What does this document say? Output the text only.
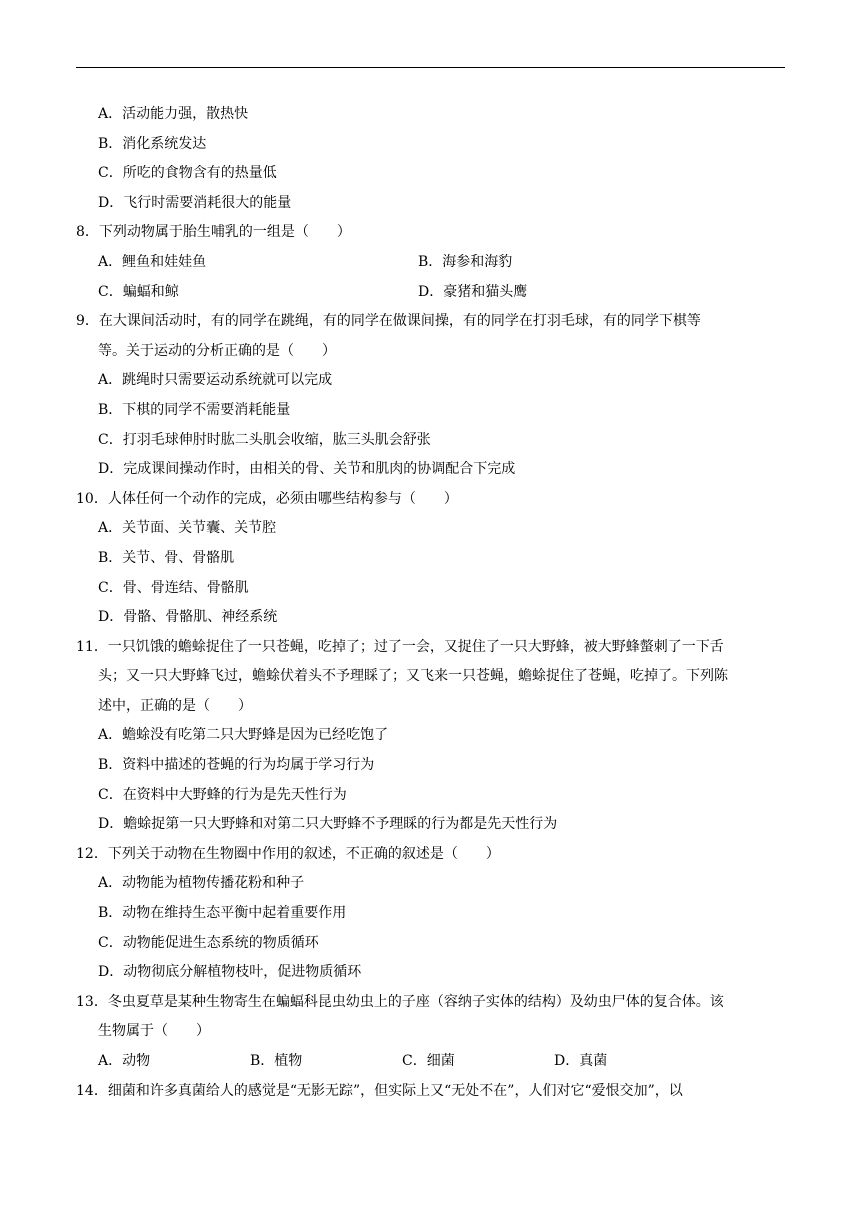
A．活动能力强，散热快
B．消化系统发达
C．所吃的食物含有的热量低
D．飞行时需要消耗很大的能量
8．下列动物属于胎生哺乳的一组是（　　）
A．鲤鱼和娃娃鱼	B．海参和海豹
C．蝙蝠和鲸	D．豪猪和猫头鹰
9．在大课间活动时，有的同学在跳绳，有的同学在做课间操，有的同学在打羽毛球，有的同学下棋等
等。关于运动的分析正确的是（　　）
A．跳绳时只需要运动系统就可以完成
B．下棋的同学不需要消耗能量
C．打羽毛球伸肘时肱二头肌会收缩，肱三头肌会舒张
D．完成课间操动作时，由相关的骨、关节和肌肉的协调配合下完成
10．人体任何一个动作的完成，必须由哪些结构参与（　　）
A．关节面、关节囊、关节腔
B．关节、骨、骨骼肌
C．骨、骨连结、骨骼肌
D．骨骼、骨骼肌、神经系统
11．一只饥饿的蟾蜍捉住了一只苍蝇，吃掉了；过了一会，又捉住了一只大野蜂，被大野蜂螫刺了一下舌
头；又一只大野蜂飞过，蟾蜍伏着头不予理睬了；又飞来一只苍蝇，蟾蜍捉住了苍蝇，吃掉了。下列陈
述中，正确的是（　　）
A．蟾蜍没有吃第二只大野蜂是因为已经吃饱了
B．资料中描述的苍蝇的行为均属于学习行为
C．在资料中大野蜂的行为是先天性行为
D．蟾蜍捉第一只大野蜂和对第二只大野蜂不予理睬的行为都是先天性行为
12．下列关于动物在生物圈中作用的叙述，不正确的叙述是（　　）
A．动物能为植物传播花粉和种子
B．动物在维持生态平衡中起着重要作用
C．动物能促进生态系统的物质循环
D．动物彻底分解植物枝叶，促进物质循环
13．冬虫夏草是某种生物寄生在蝙蝠科昆虫幼虫上的子座（容纳子实体的结构）及幼虫尸体的复合体。该
生物属于（　　）
A．动物	B．植物	C．细菌	D．真菌
14．细菌和许多真菌给人的感觉是“无影无踪”，但实际上又“无处不在”，人们对它“爱恨交加”，以
